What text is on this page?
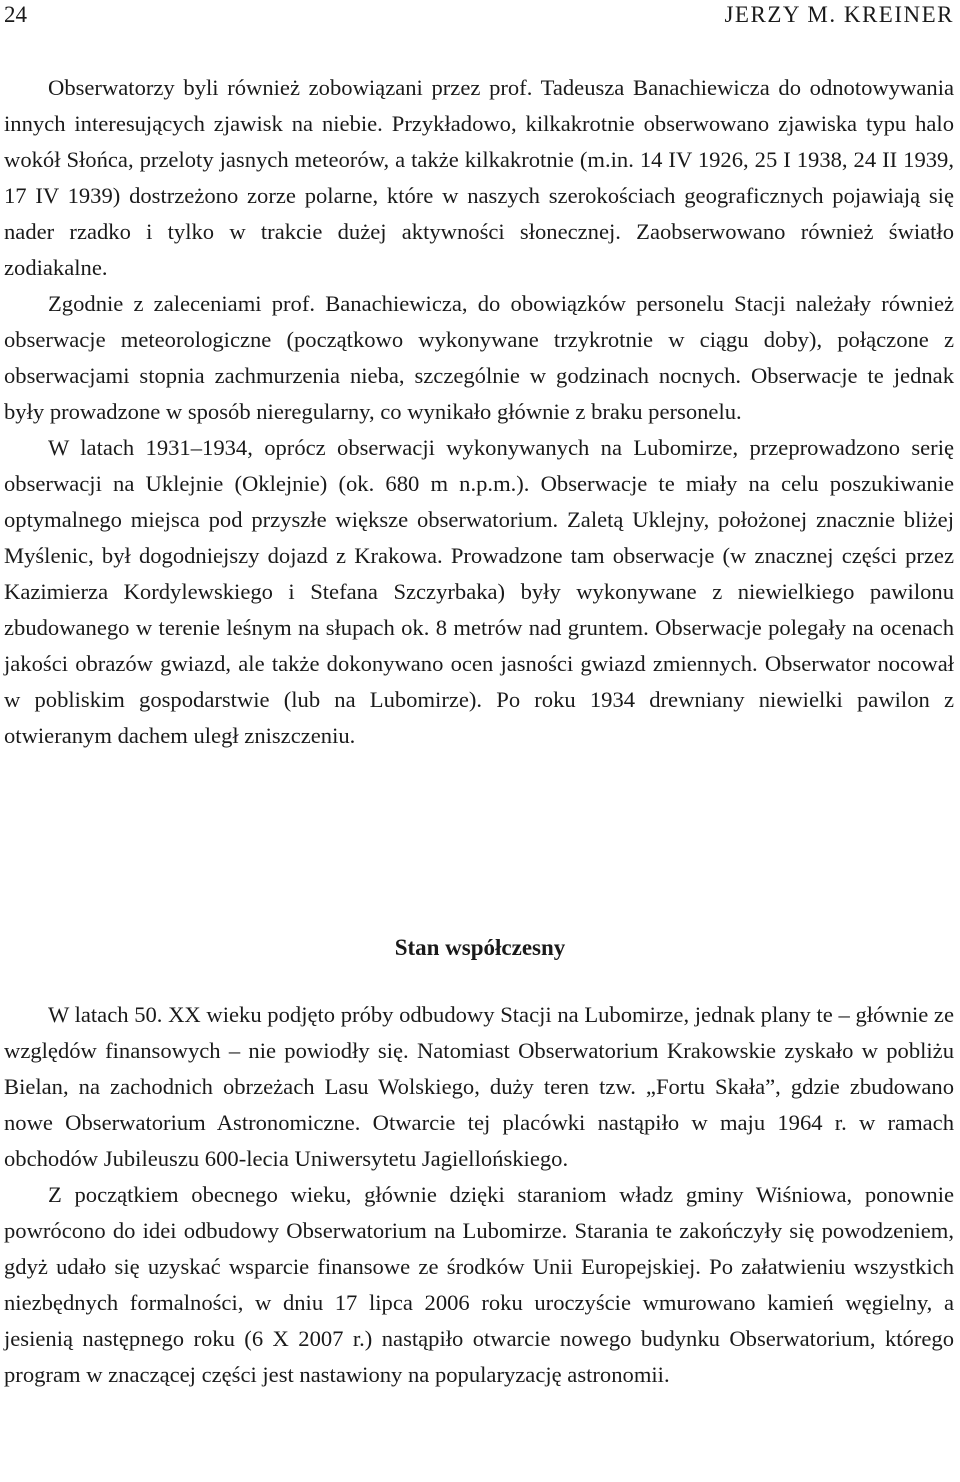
24	JERZY M. KREINER

Obserwatorzy byli również zobowiązani przez prof. Tadeusza Banachiewicza do odnotowywania innych interesujących zjawisk na niebie. Przykładowo, kilkakrotnie obserwowano zjawiska typu halo wokół Słońca, przeloty jasnych meteorów, a także kilkakrotnie (m.in. 14 IV 1926, 25 I 1938, 24 II 1939, 17 IV 1939) dostrzeżono zorze polarne, które w naszych szerokościach geograficznych pojawiają się nader rzadko i tylko w trakcie dużej aktywności słonecznej. Zaobserwowano również światło zodiakalne.

Zgodnie z zaleceniami prof. Banachiewicza, do obowiązków personelu Stacji należały również obserwacje meteorologiczne (początkowo wykonywane trzykrotnie w ciągu doby), połączone z obserwacjami stopnia zachmurzenia nieba, szczególnie w godzinach nocnych. Obserwacje te jednak były prowadzone w sposób nieregularny, co wynikało głównie z braku personelu.

W latach 1931–1934, oprócz obserwacji wykonywanych na Lubomirze, przeprowadzono serię obserwacji na Uklejnie (Oklejnie) (ok. 680 m n.p.m.). Obserwacje te miały na celu poszukiwanie optymalnego miejsca pod przyszłe większe obserwatorium. Zaletą Uklejny, położonej znacznie bliżej Myślenic, był dogodniejszy dojazd z Krakowa. Prowadzone tam obserwacje (w znacznej części przez Kazimierza Kordylewskiego i Stefana Szczyrbaka) były wykonywane z niewielkiego pawilonu zbudowanego w terenie leśnym na słupach ok. 8 metrów nad gruntem. Obserwacje polegały na ocenach jakości obrazów gwiazd, ale także dokonywano ocen jasności gwiazd zmiennych. Obserwator nocował w pobliskim gospodarstwie (lub na Lubomirze). Po roku 1934 drewniany niewielki pawilon z otwieranym dachem uległ zniszczeniu.

Stan współczesny

W latach 50. XX wieku podjęto próby odbudowy Stacji na Lubomirze, jednak plany te – głównie ze względów finansowych – nie powiodły się. Natomiast Obserwatorium Krakowskie zyskało w pobliżu Bielan, na zachodnich obrzeżach Lasu Wolskiego, duży teren tzw. „Fortu Skała”, gdzie zbudowano nowe Obserwatorium Astronomiczne. Otwarcie tej placówki nastąpiło w maju 1964 r. w ramach obchodów Jubileuszu 600-lecia Uniwersytetu Jagiellońskiego.

Z początkiem obecnego wieku, głównie dzięki staraniom władz gminy Wiśniowa, ponownie powrócono do idei odbudowy Obserwatorium na Lubomirze. Starania te zakończyły się powodzeniem, gdyż udało się uzyskać wsparcie finansowe ze środków Unii Europejskiej. Po załatwieniu wszystkich niezbędnych formalności, w dniu 17 lipca 2006 roku uroczyście wmurowano kamień węgielny, a jesienią następnego roku (6 X 2007 r.) nastąpiło otwarcie nowego budynku Obserwatorium, którego program w znaczącej części jest nastawiony na popularyzację astronomii.
